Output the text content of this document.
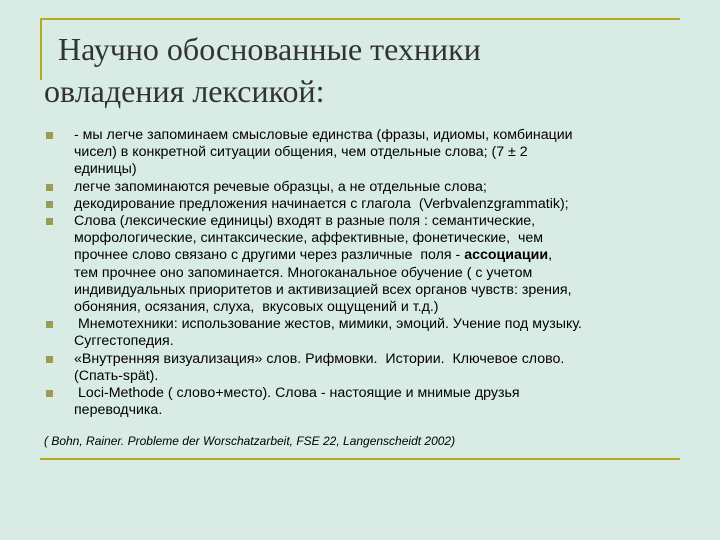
Научно обоснованные техники
овладения лексикой:
- мы легче запоминаем смысловые единства (фразы, идиомы, комбинации
чисел) в конкретной ситуации общения, чем отдельные слова; (7 ± 2
единицы)
легче запоминаются речевые образцы, а не отдельные слова;
декодирование предложения начинается с глагола  (Verbvalenzgrammatik);
Слова (лексические единицы) входят в разные поля : семантические,
морфологические, синтаксические, аффективные, фонетические,  чем
прочнее слово связано с другими через различные  поля - ассоциации,
тем прочнее оно запоминается. Многоканальное обучение ( с учетом
индивидуальных приоритетов и активизацией всех органов чувств: зрения,
обоняния, осязания, слуха,  вкусовых ощущений и т.д.)
Мнемотехники: использование жестов, мимики, эмоций. Учение под музыку.
Суггестопедия.
«Внутренняя визуализация» слов. Рифмовки.  Истории.  Ключевое слово.
(Спать-spät).
Loci-Methode ( слово+место). Слова - настоящие и мнимые друзья
переводчика.
( Bohn, Rainer. Probleme der Worschatzarbeit, FSE 22, Langenscheidt 2002)
